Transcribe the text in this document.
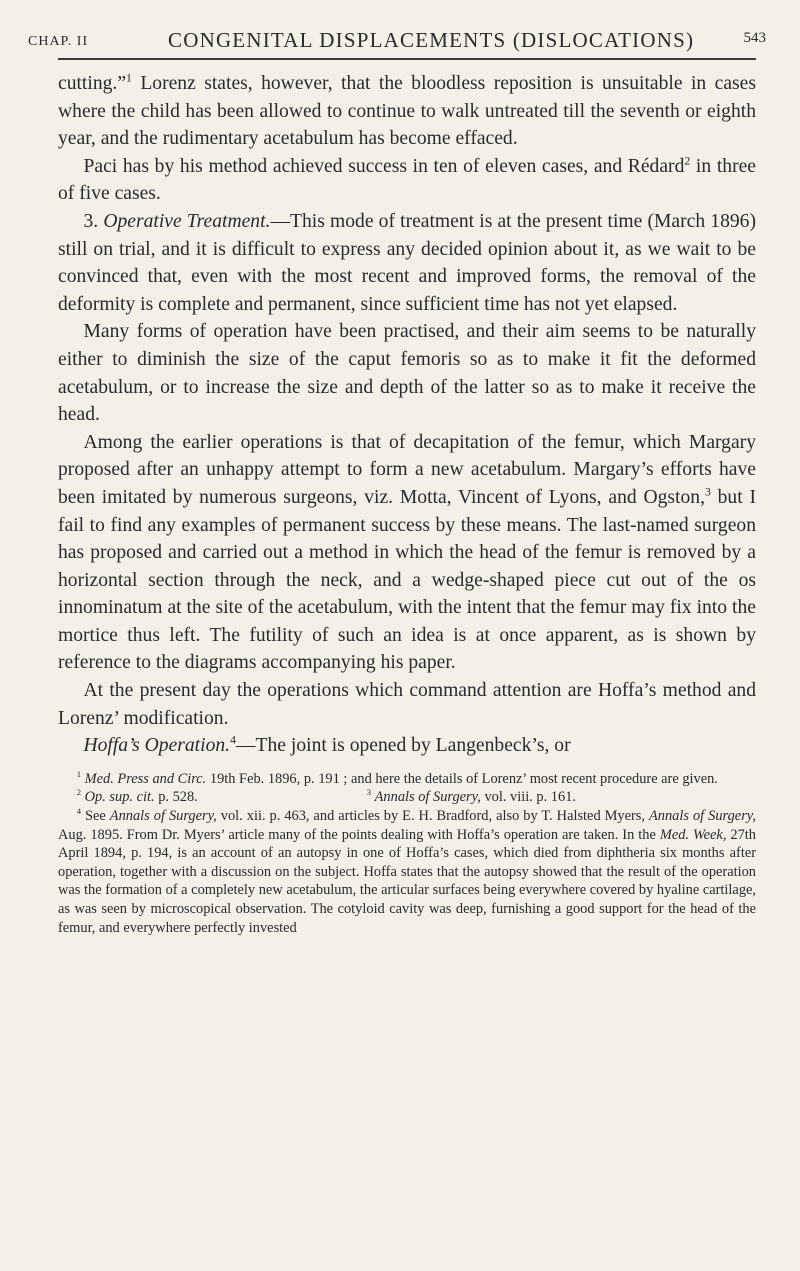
CHAP. II	CONGENITAL DISPLACEMENTS (DISLOCATIONS)	543

cutting.”$^1$ Lorenz states, however, that the bloodless reposition is unsuitable in cases where the child has been allowed to continue to walk untreated till the seventh or eighth year, and the rudimentary acetabulum has become effaced.

Paci has by his method achieved success in ten of eleven cases, and Rédard$^2$ in three of five cases.

3. Operative Treatment.—This mode of treatment is at the present time (March 1896) still on trial, and it is difficult to express any decided opinion about it, as we wait to be convinced that, even with the most recent and improved forms, the removal of the deformity is complete and permanent, since sufficient time has not yet elapsed.

Many forms of operation have been practised, and their aim seems to be naturally either to diminish the size of the caput femoris so as to make it fit the deformed acetabulum, or to increase the size and depth of the latter so as to make it receive the head.

Among the earlier operations is that of decapitation of the femur, which Margary proposed after an unhappy attempt to form a new acetabulum. Margary’s efforts have been imitated by numerous surgeons, viz. Motta, Vincent of Lyons, and Ogston,$^3$ but I fail to find any examples of permanent success by these means. The last-named surgeon has proposed and carried out a method in which the head of the femur is removed by a horizontal section through the neck, and a wedge-shaped piece cut out of the os innominatum at the site of the acetabulum, with the intent that the femur may fix into the mortice thus left. The futility of such an idea is at once apparent, as is shown by reference to the diagrams accompanying his paper.

At the present day the operations which command attention are Hoffa’s method and Lorenz’ modification.

Hoffa’s Operation.$^4$—The joint is opened by Langenbeck’s, or

$^1$ Med. Press and Circ. 19th Feb. 1896, p. 191 ; and here the details of Lorenz’ most recent procedure are given.

$^2$ Op. sup. cit. p. 528.	$^3$ Annals of Surgery, vol. viii. p. 161.

$^4$ See Annals of Surgery, vol. xii. p. 463, and articles by E. H. Bradford, also by T. Halsted Myers, Annals of Surgery, Aug. 1895. From Dr. Myers’ article many of the points dealing with Hoffa’s operation are taken. In the Med. Week, 27th April 1894, p. 194, is an account of an autopsy in one of Hoffa’s cases, which died from diphtheria six months after operation, together with a discussion on the subject. Hoffa states that the autopsy showed that the result of the operation was the formation of a completely new acetabulum, the articular surfaces being everywhere covered by hyaline cartilage, as was seen by microscopical observation. The cotyloid cavity was deep, furnishing a good support for the head of the femur, and everywhere perfectly invested
